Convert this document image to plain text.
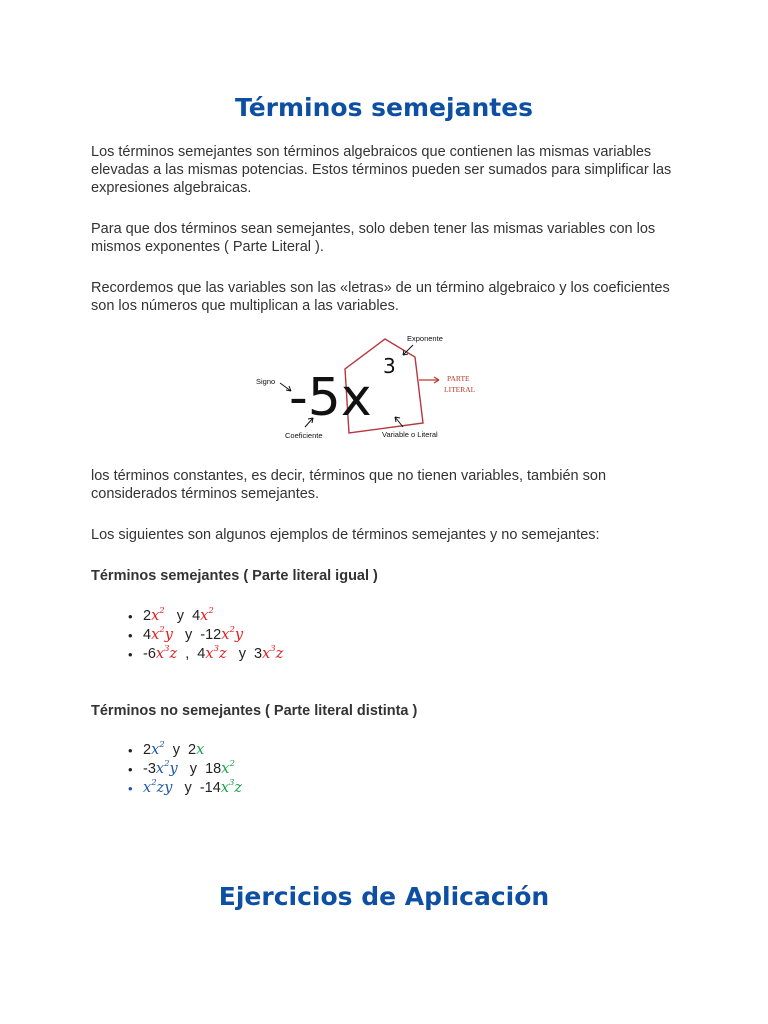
Términos semejantes

Los términos semejantes son términos algebraicos que contienen las mismas variables elevadas a las mismas potencias. Estos términos pueden ser sumados para simplificar las expresiones algebraicas.

Para que dos términos sean semejantes, solo deben tener las mismas variables con los mismos exponentes ( Parte Literal ).

Recordemos que las variables son las «letras» de un término algebraico y los coeficientes son los números que multiplican a las variables.

-5x
3
Signo
Exponente
Coeficiente	Variable o Literal
PARTE
LITERAL

los términos constantes, es decir, términos que no tienen variables, también son considerados términos semejantes.

Los siguientes son algunos ejemplos de términos semejantes y no semejantes:

Términos semejantes ( Parte literal igual )

• $2x^2$   y  $4x^2$
• $4x^2y$   y  $-12x^2y$
• $-6x^3z$  ,  $4x^3z$   y  $3x^3z$

Términos no semejantes ( Parte literal distinta )

• $2x^2$  y  2x
• $-3x^2y$   y  $18x^2$
• $x^2zy$   y  $-14x^3z$
Ejercicios de Aplicación
